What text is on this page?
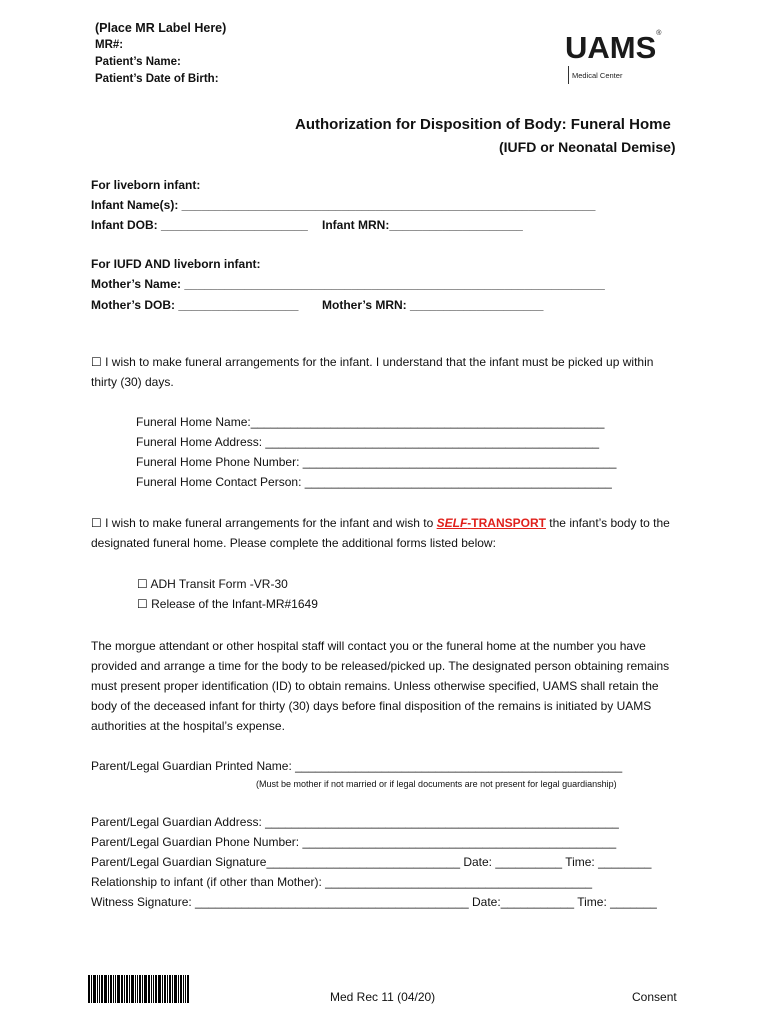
(Place MR Label Here)
MR#:
Patient’s Name:
Patient’s Date of Birth:
UAMS®
Medical Center
Authorization for Disposition of Body: Funeral Home
(IUFD or Neonatal Demise)
For liveborn infant:
Infant Name(s): ______________________________________________________________
Infant DOB: ______________________ Infant MRN:____________________
For IUFD AND liveborn infant:
Mother’s Name: _______________________________________________________________
Mother’s DOB: __________________ Mother’s MRN: ____________________
☐ I wish to make funeral arrangements for the infant. I understand that the infant must be picked up within thirty (30) days.
Funeral Home Name:_____________________________________________________
Funeral Home Address: __________________________________________________
Funeral Home Phone Number: _______________________________________________
Funeral Home Contact Person: ______________________________________________
☐ I wish to make funeral arrangements for the infant and wish to SELF-TRANSPORT the infant’s body to the designated funeral home. Please complete the additional forms listed below:
☐ ADH Transit Form -VR-30
☐ Release of the Infant-MR#1649
The morgue attendant or other hospital staff will contact you or the funeral home at the number you have provided and arrange a time for the body to be released/picked up. The designated person obtaining remains must present proper identification (ID) to obtain remains. Unless otherwise specified, UAMS shall retain the body of the deceased infant for thirty (30) days before final disposition of the remains is initiated by UAMS authorities at the hospital’s expense.
Parent/Legal Guardian Printed Name: _________________________________________________
(Must be mother if not married or if legal documents are not present for legal guardianship)
Parent/Legal Guardian Address: _____________________________________________________
Parent/Legal Guardian Phone Number: _______________________________________________
Parent/Legal Guardian Signature_____________________________ Date: __________ Time: ________
Relationship to infant (if other than Mother): ________________________________________
Witness Signature: _________________________________________ Date:___________ Time: _______
Med Rec 11 (04/20)	Consent
